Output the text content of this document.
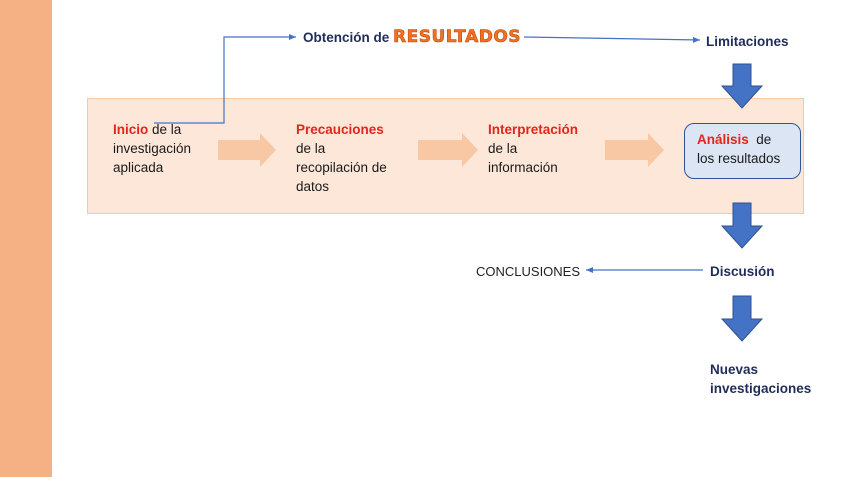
Obtención de RESULTADOS	Limitaciones
Inicio de la
investigación
aplicada
Precauciones
de la
recopilación de
datos
Interpretación
de la
información
Análisis  de
los resultados
CONCLUSIONES	Discusión
Nuevas
investigaciones
